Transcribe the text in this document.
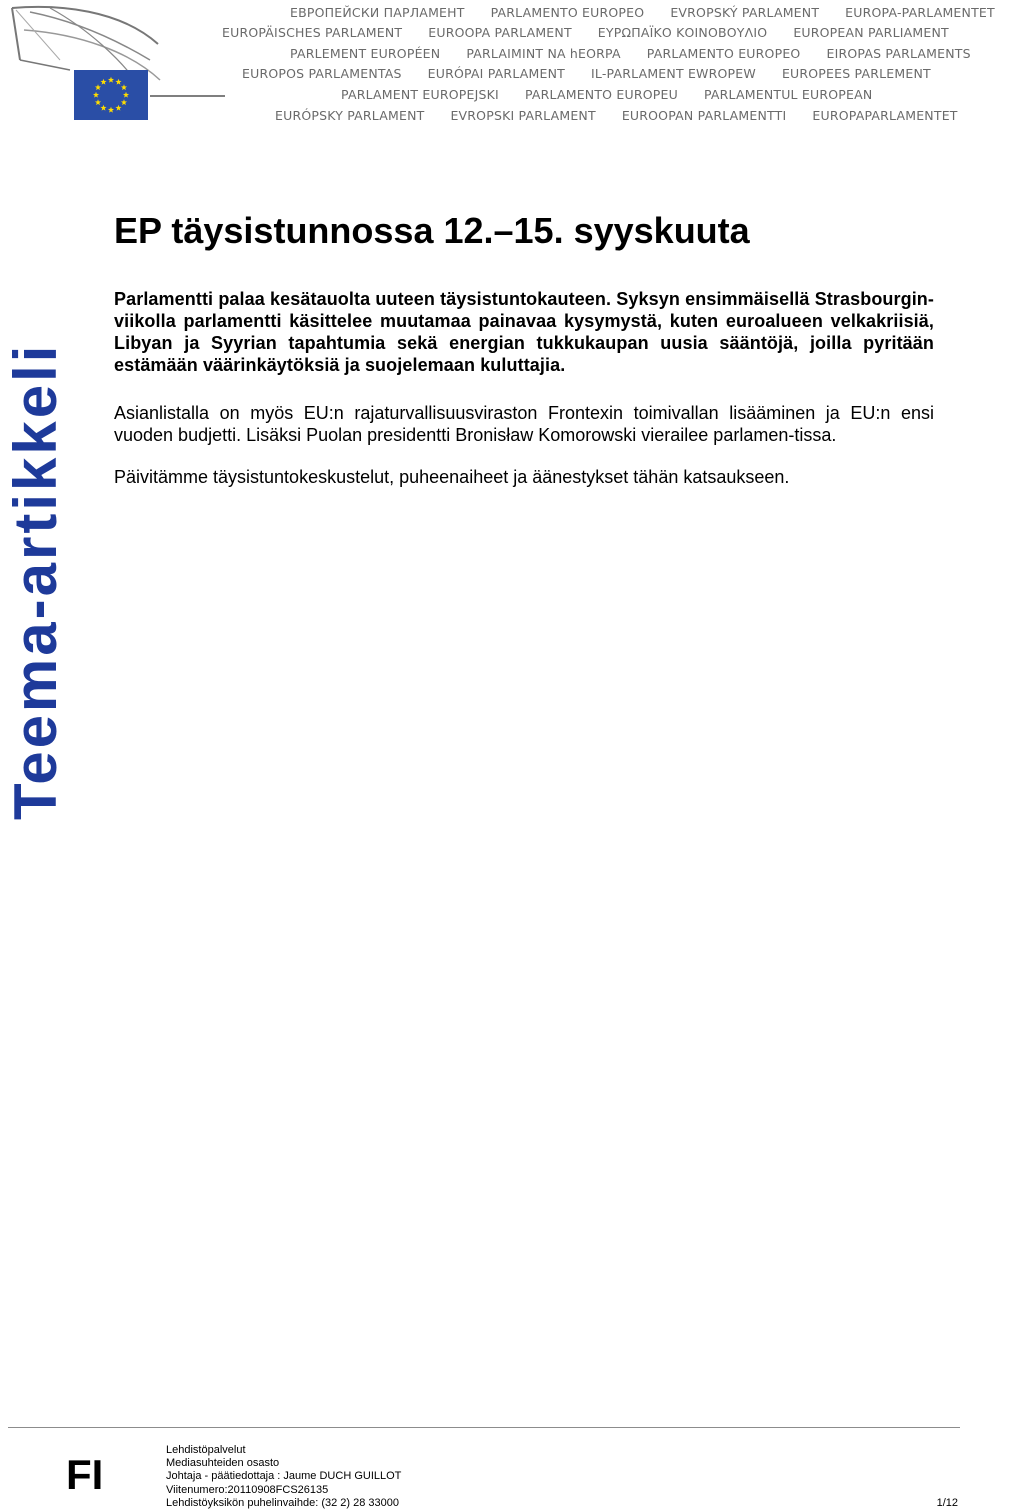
ЕВРОПЕЙСКИ ПАРЛАМЕНТ PARLAMENTO EUROPEO EVROPSKÝ PARLAMENT EUROPA-PARLAMENTET
EUROPÄISCHES PARLAMENT EUROOPA PARLAMENT ΕΥΡΩΠΑΪΚΟ ΚΟΙΝΟΒΟΥΛΙΟ EUROPEAN PARLIAMENT
PARLEMENT EUROPÉEN PARLAIMINT NA hEORPA PARLAMENTO EUROPEO EIROPAS PARLAMENTS
EUROPOS PARLAMENTAS EURÓPAI PARLAMENT IL-PARLAMENT EWROPEW EUROPEES PARLEMENT
PARLAMENT EUROPEJSKI PARLAMENTO EUROPEU PARLAMENTUL EUROPEAN
EURÓPSKY PARLAMENT EVROPSKI PARLAMENT EUROOPAN PARLAMENTTI EUROPAPARLAMENTET
Teema-artikkeli
EP täysistunnossa 12.–15. syyskuuta

Parlamentti palaa kesätauolta uuteen täysistuntokauteen. Syksyn ensimmäisellä Strasbourgin-viikolla parlamentti käsittelee muutamaa painavaa kysymystä, kuten euroalueen velkakriisiä, Libyan ja Syyrian tapahtumia sekä energian tukkukaupan uusia sääntöjä, joilla pyritään estämään väärinkäytöksiä ja suojelemaan kuluttajia.

Asianlistalla on myös EU:n rajaturvallisuusviraston Frontexin toimivallan lisääminen ja EU:n ensi vuoden budjetti. Lisäksi Puolan presidentti Bronisław Komorowski vierailee parlamen-tissa.

Päivitämme täysistuntokeskustelut, puheenaiheet ja äänestykset tähän katsaukseen.

FI
Lehdistöpalvelut
Mediasuhteiden osasto
Johtaja - päätiedottaja : Jaume DUCH GUILLOT
Viitenumero:20110908FCS26135
Lehdistöyksikön puhelinvaihde: (32 2) 28 33000	1/12
